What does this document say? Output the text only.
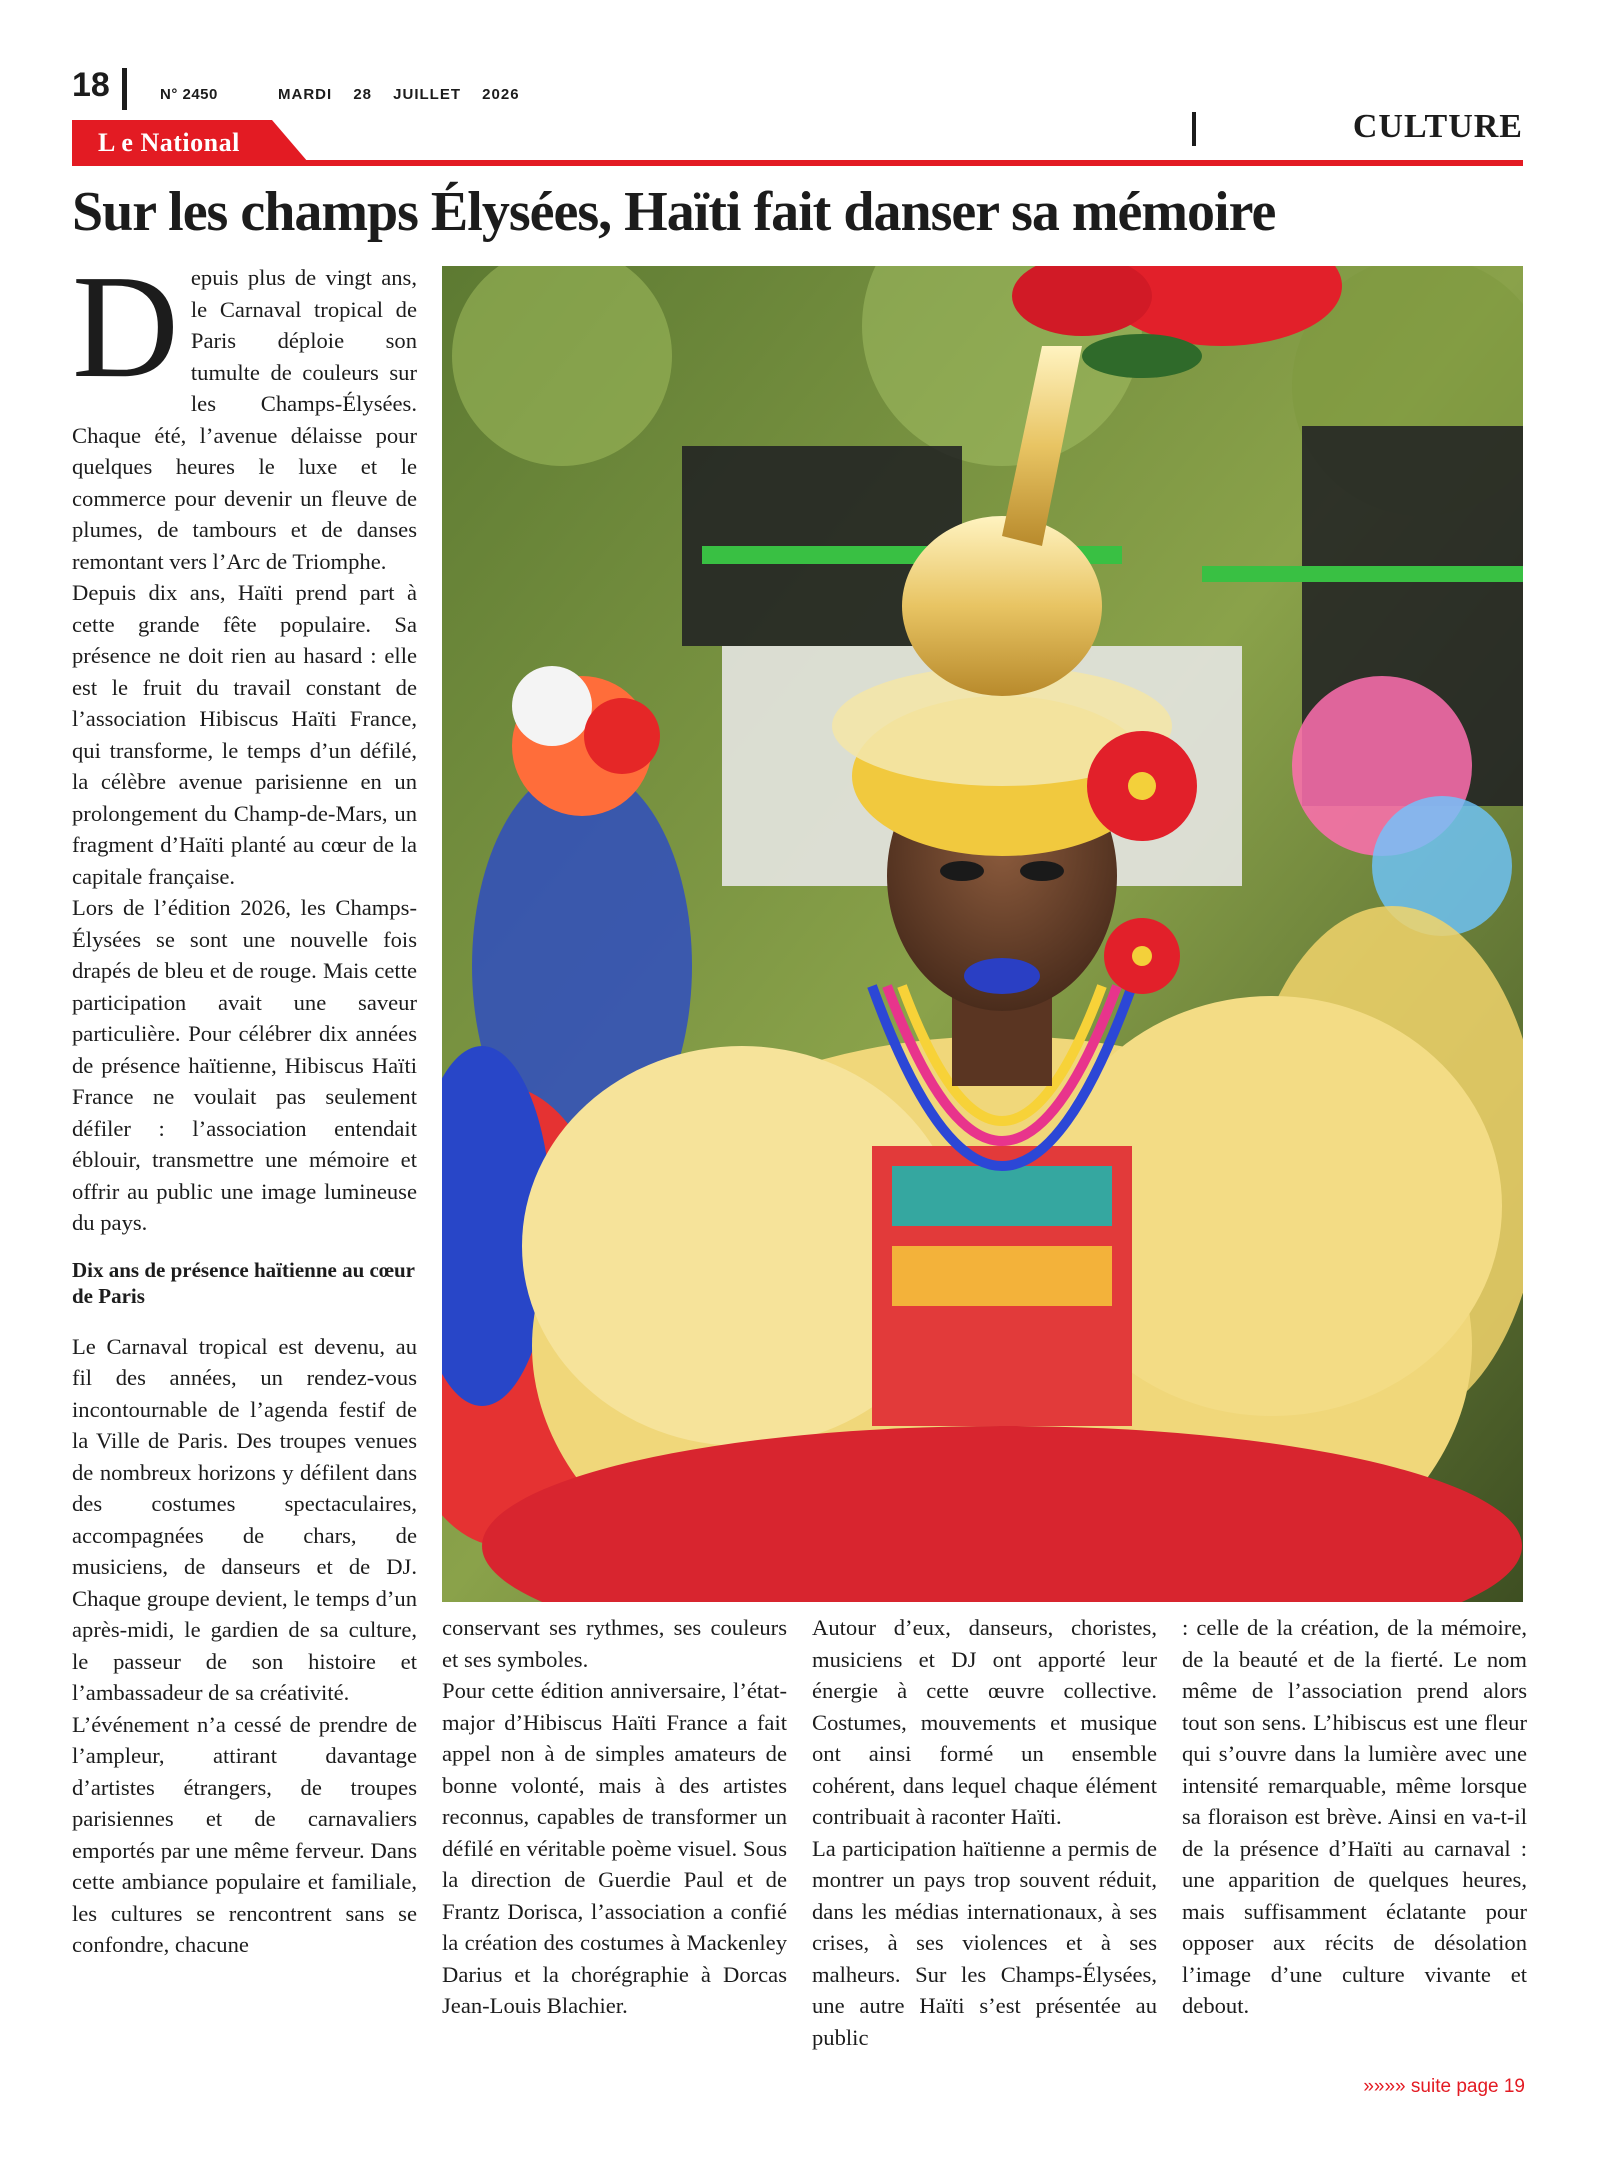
18	N° 2450	MARDI 28 JUILLET 2026
CULTURE
L e National
Sur les champs Élysées, Haïti fait danser sa mémoire

Depuis plus de vingt ans, le Carnaval tropical de Paris déploie son tumulte de couleurs sur les Champs-Élysées. Chaque été, l’avenue délaisse pour quelques heures le luxe et le commerce pour devenir un fleuve de plumes, de tambours et de danses remontant vers l’Arc de Triomphe.

Depuis dix ans, Haïti prend part à cette grande fête populaire. Sa présence ne doit rien au hasard : elle est le fruit du travail constant de l’association Hibiscus Haïti France, qui transforme, le temps d’un défilé, la célèbre avenue parisienne en un prolongement du Champ-de-Mars, un fragment d’Haïti planté au cœur de la capitale française.

Lors de l’édition 2026, les Champs-Élysées se sont une nouvelle fois drapés de bleu et de rouge. Mais cette participation avait une saveur particulière. Pour célébrer dix années de présence haïtienne, Hibiscus Haïti France ne voulait pas seulement défiler : l’association entendait éblouir, transmettre une mémoire et offrir au public une image lumineuse du pays.

Dix ans de présence haïtienne au cœur de Paris

Le Carnaval tropical est devenu, au fil des années, un rendez-vous incontournable de l’agenda festif de la Ville de Paris. Des troupes venues de nombreux horizons y défilent dans des costumes spectaculaires, accompagnées de chars, de musiciens, de danseurs et de DJ. Chaque groupe devient, le temps d’un après-midi, le gardien de sa culture, le passeur de son histoire et l’ambassadeur de sa créativité.

L’événement n’a cessé de prendre de l’ampleur, attirant davantage d’artistes étrangers, de troupes parisiennes et de carnavaliers emportés par une même ferveur. Dans cette ambiance populaire et familiale, les cultures se rencontrent sans se confondre, chacune

conservant ses rythmes, ses couleurs et ses symboles.

Pour cette édition anniversaire, l’état-major d’Hibiscus Haïti France a fait appel non à de simples amateurs de bonne volonté, mais à des artistes reconnus, capables de transformer un défilé en véritable poème visuel. Sous la direction de Guerdie Paul et de Frantz Dorisca, l’association a confié la création des costumes à Mackenley Darius et la chorégraphie à Dorcas Jean-Louis Blachier.

Autour d’eux, danseurs, choristes, musiciens et DJ ont apporté leur énergie à cette œuvre collective. Costumes, mouvements et musique ont ainsi formé un ensemble cohérent, dans lequel chaque élément contribuait à raconter Haïti.

La participation haïtienne a permis de montrer un pays trop souvent réduit, dans les médias internationaux, à ses crises, à ses violences et à ses malheurs. Sur les Champs-Élysées, une autre Haïti s’est présentée au public

: celle de la création, de la mémoire, de la beauté et de la fierté. Le nom même de l’association prend alors tout son sens. L’hibiscus est une fleur qui s’ouvre dans la lumière avec une intensité remarquable, même lorsque sa floraison est brève. Ainsi en va-t-il de la présence d’Haïti au carnaval : une apparition de quelques heures, mais suffisamment éclatante pour opposer aux récits de désolation l’image d’une culture vivante et debout.

»»»» suite page 19
